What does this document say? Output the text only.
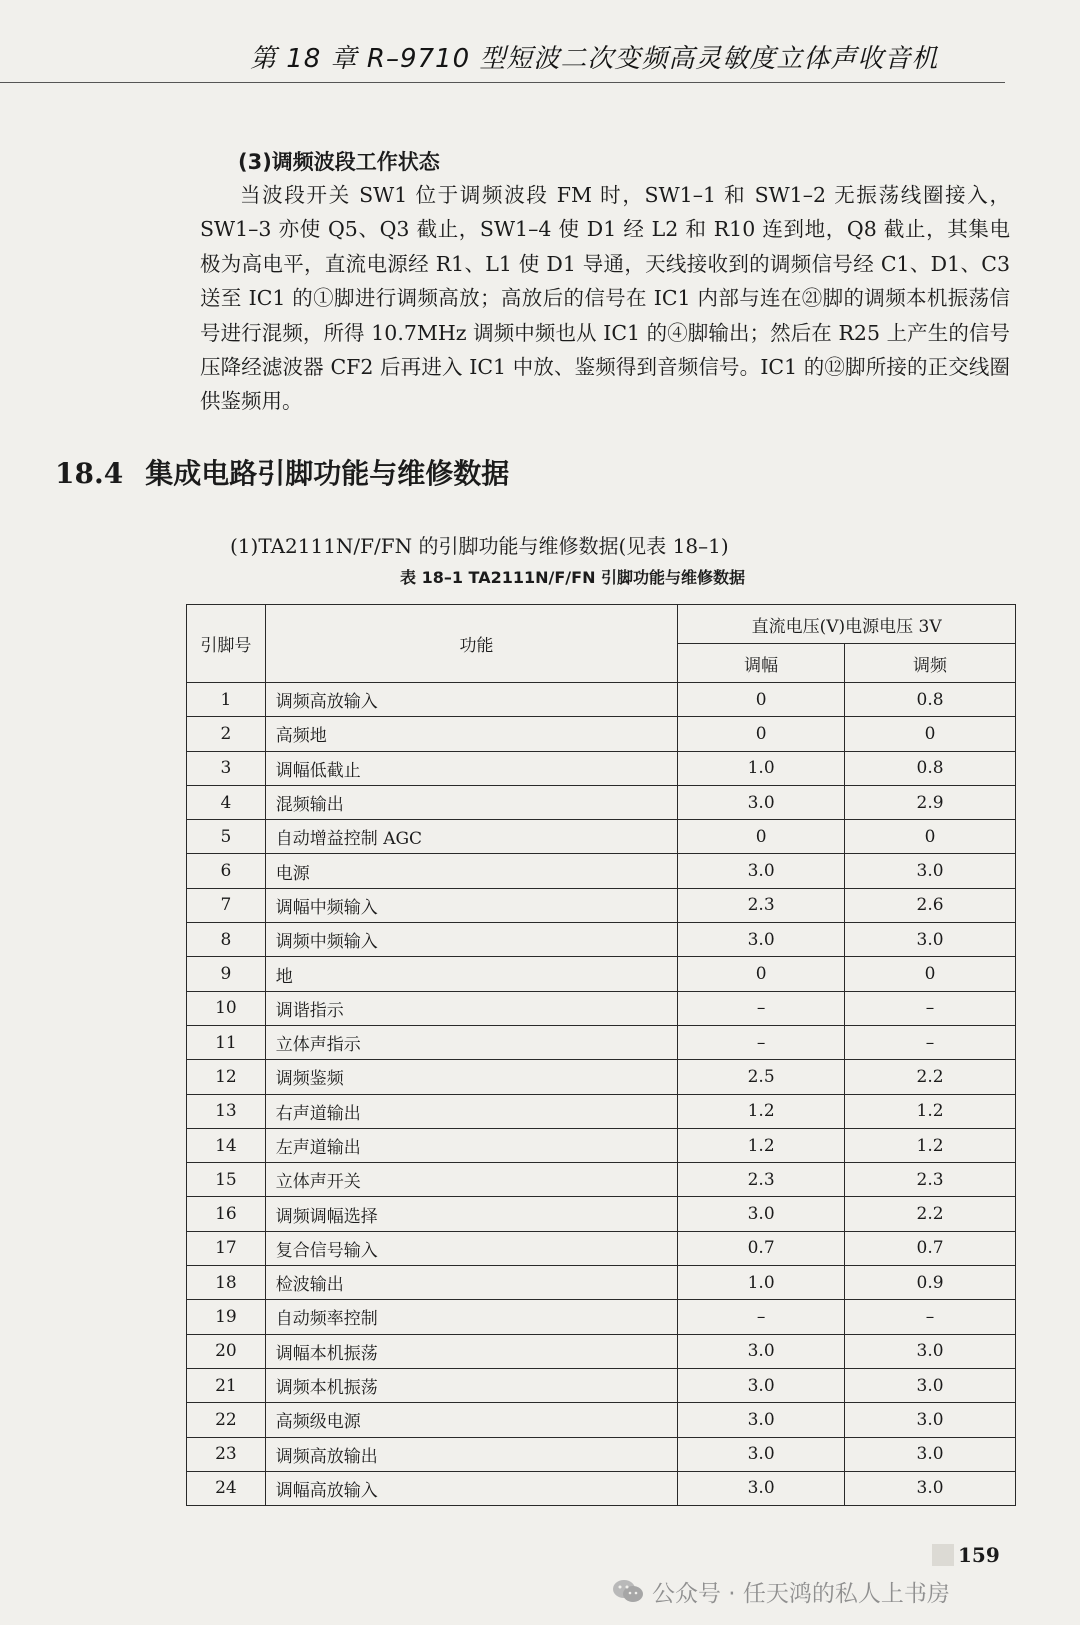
第 18 章 R–9710 型短波二次变频高灵敏度立体声收音机
(3)调频波段工作状态
当波段开关 SW1 位于调频波段 FM 时，SW1–1 和 SW1–2 无振荡线圈接入，SW1–3 亦使 Q5、Q3 截止，SW1–4 使 D1 经 L2 和 R10 连到地，Q8 截止，其集电极为高电平，直流电源经 R1、L1 使 D1 导通，天线接收到的调频信号经 C1、D1、C3 送至 IC1 的①脚进行调频高放；高放后的信号在 IC1 内部与连在㉑脚的调频本机振荡信号进行混频，所得 10.7MHz 调频中频也从 IC1 的④脚输出；然后在 R25 上产生的信号压降经滤波器 CF2 后再进入 IC1 中放、鉴频得到音频信号。IC1 的⑫脚所接的正交线圈供鉴频用。
18.4 集成电路引脚功能与维修数据
(1)TA2111N/F/FN 的引脚功能与维修数据(见表 18–1)
表 18–1 TA2111N/F/FN 引脚功能与维修数据
引脚号	功能	直流电压(V)电源电压 3V	
		调幅	调频
1	调频高放输入	0	0.8
2	高频地	0	0
3	调幅低截止	1.0	0.8
4	混频输出	3.0	2.9
5	自动增益控制 AGC	0	0
6	电源	3.0	3.0
7	调幅中频输入	2.3	2.6
8	调频中频输入	3.0	3.0
9	地	0	0
10	调谐指示	–	–
11	立体声指示	–	–
12	调频鉴频	2.5	2.2
13	右声道输出	1.2	1.2
14	左声道输出	1.2	1.2
15	立体声开关	2.3	2.3
16	调频调幅选择	3.0	2.2
17	复合信号输入	0.7	0.7
18	检波输出	1.0	0.9
19	自动频率控制	–	–
20	调幅本机振荡	3.0	3.0
21	调频本机振荡	3.0	3.0
22	高频级电源	3.0	3.0
23	调频高放输出	3.0	3.0
24	调幅高放输入	3.0	3.0
159
公众号 · 任天鸿的私人上书房
